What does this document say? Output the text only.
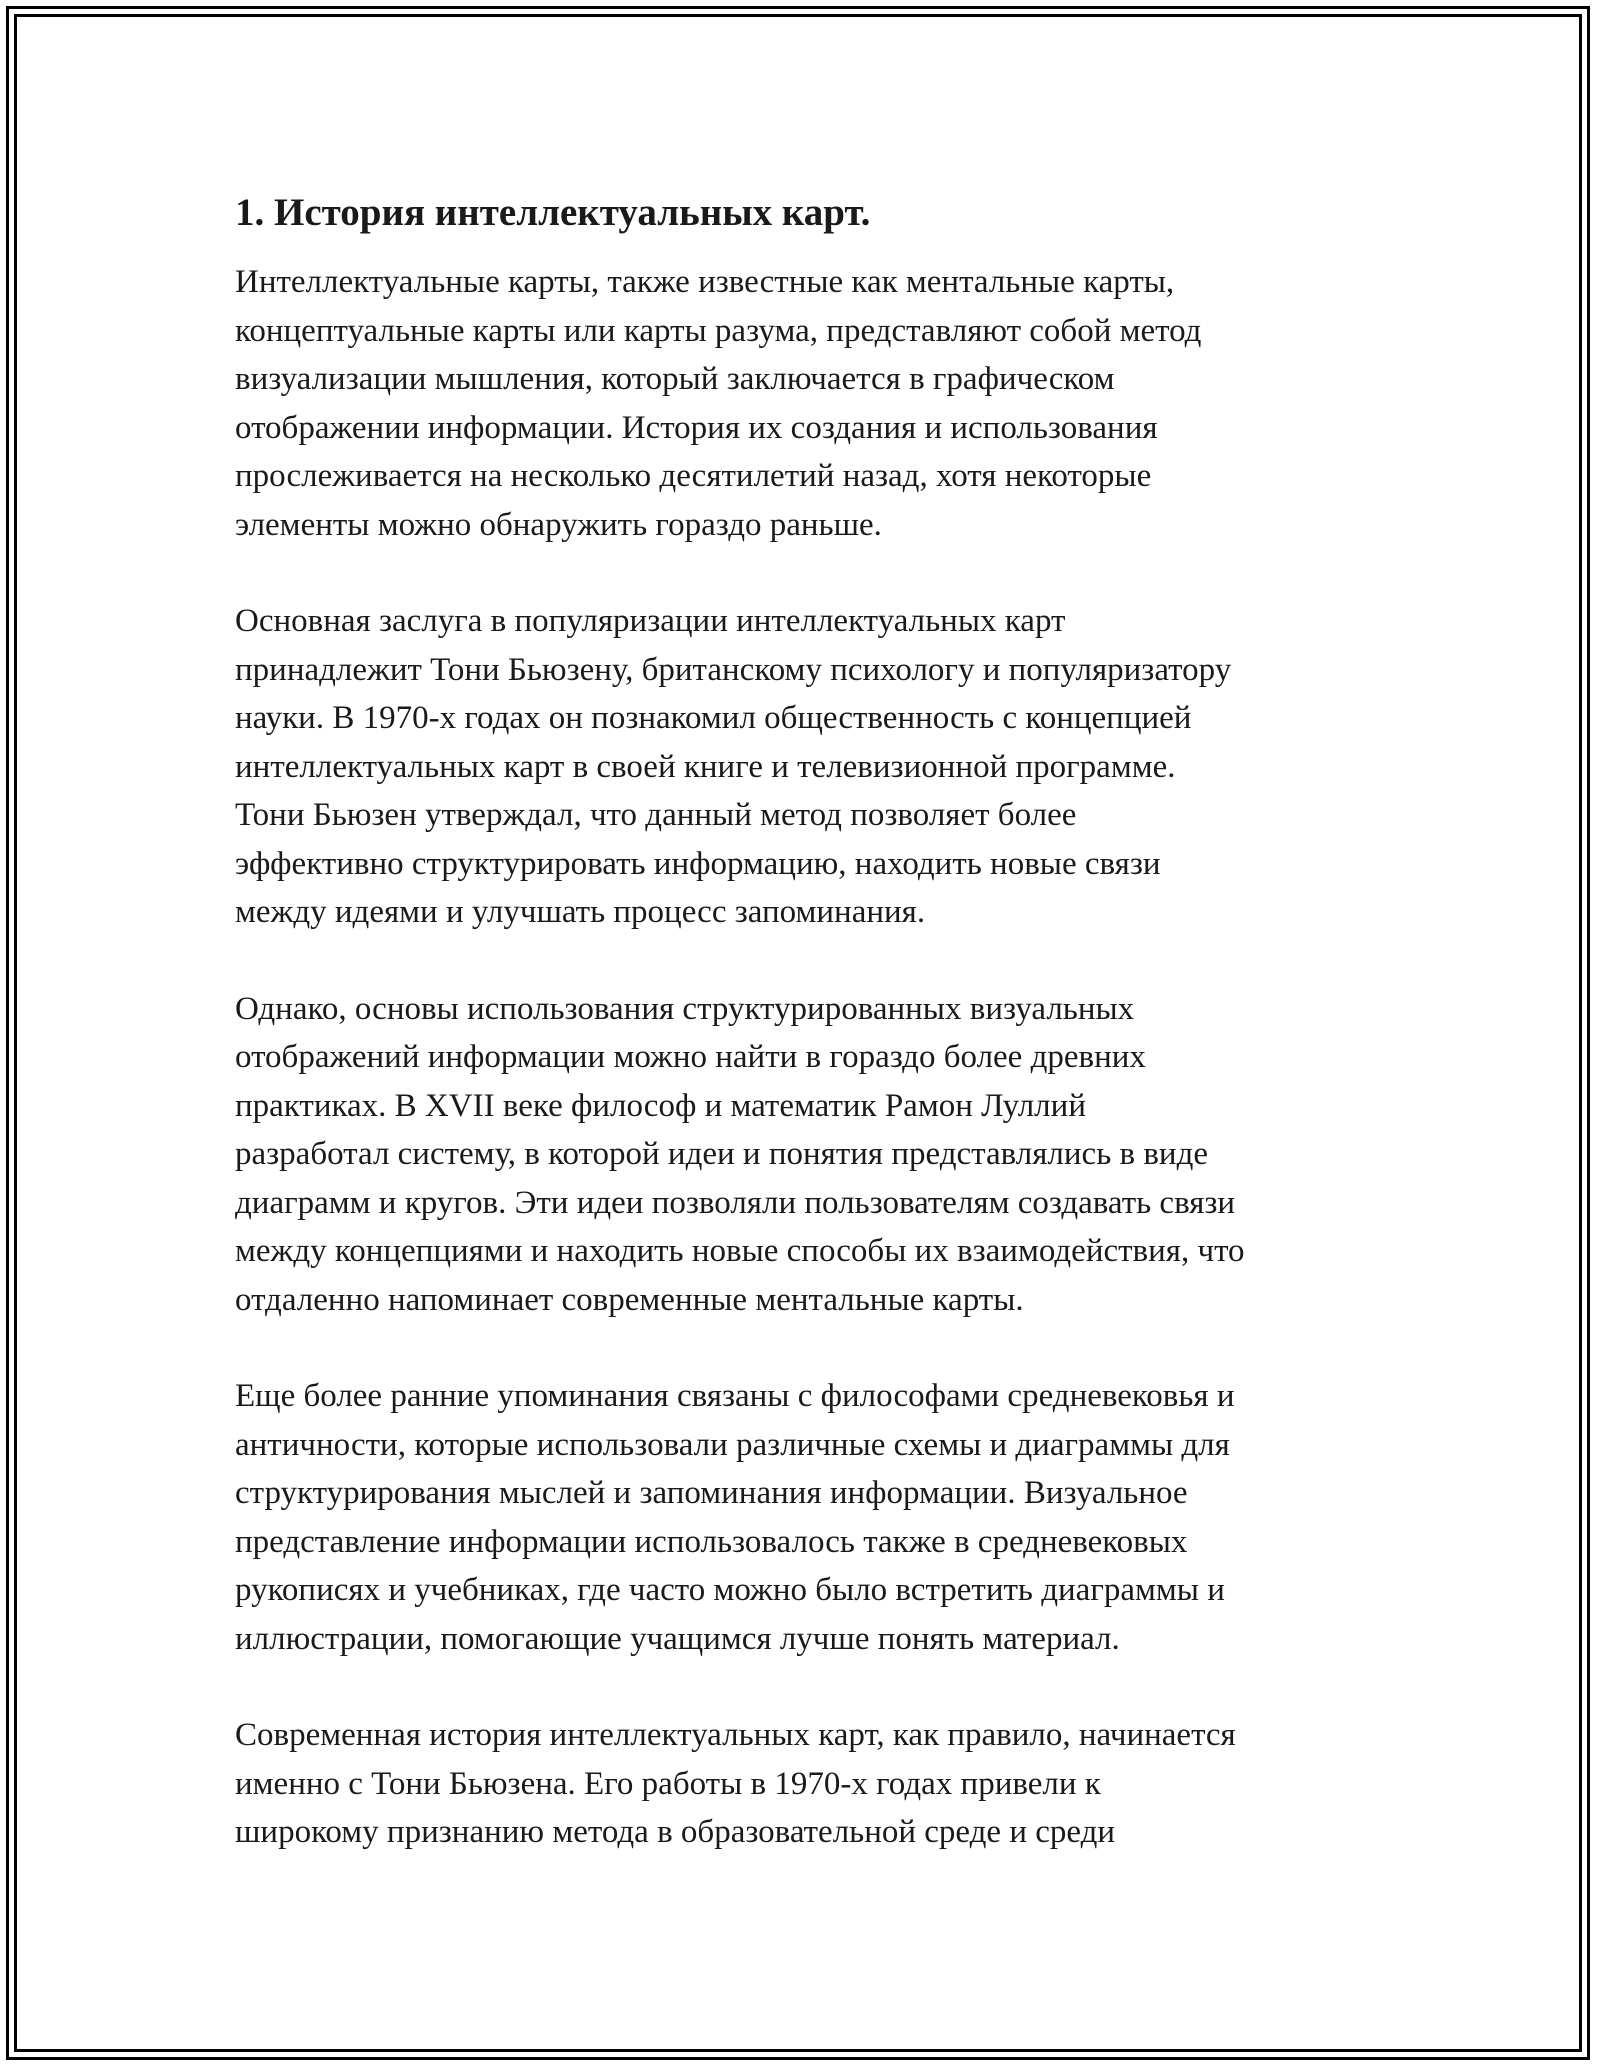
1. История интеллектуальных карт.

Интеллектуальные карты, также известные как ментальные карты,
концептуальные карты или карты разума, представляют собой метод
визуализации мышления, который заключается в графическом
отображении информации. История их создания и использования
прослеживается на несколько десятилетий назад, хотя некоторые
элементы можно обнаружить гораздо раньше.

Основная заслуга в популяризации интеллектуальных карт
принадлежит Тони Бьюзену, британскому психологу и популяризатору
науки. В 1970-х годах он познакомил общественность с концепцией
интеллектуальных карт в своей книге и телевизионной программе.
Тони Бьюзен утверждал, что данный метод позволяет более
эффективно структурировать информацию, находить новые связи
между идеями и улучшать процесс запоминания.

Однако, основы использования структурированных визуальных
отображений информации можно найти в гораздо более древних
практиках. В XVII веке философ и математик Рамон Луллий
разработал систему, в которой идеи и понятия представлялись в виде
диаграмм и кругов. Эти идеи позволяли пользователям создавать связи
между концепциями и находить новые способы их взаимодействия, что
отдаленно напоминает современные ментальные карты.

Еще более ранние упоминания связаны с философами средневековья и
античности, которые использовали различные схемы и диаграммы для
структурирования мыслей и запоминания информации. Визуальное
представление информации использовалось также в средневековых
рукописях и учебниках, где часто можно было встретить диаграммы и
иллюстрации, помогающие учащимся лучше понять материал.

Современная история интеллектуальных карт, как правило, начинается
именно с Тони Бьюзена. Его работы в 1970-х годах привели к
широкому признанию метода в образовательной среде и среди
